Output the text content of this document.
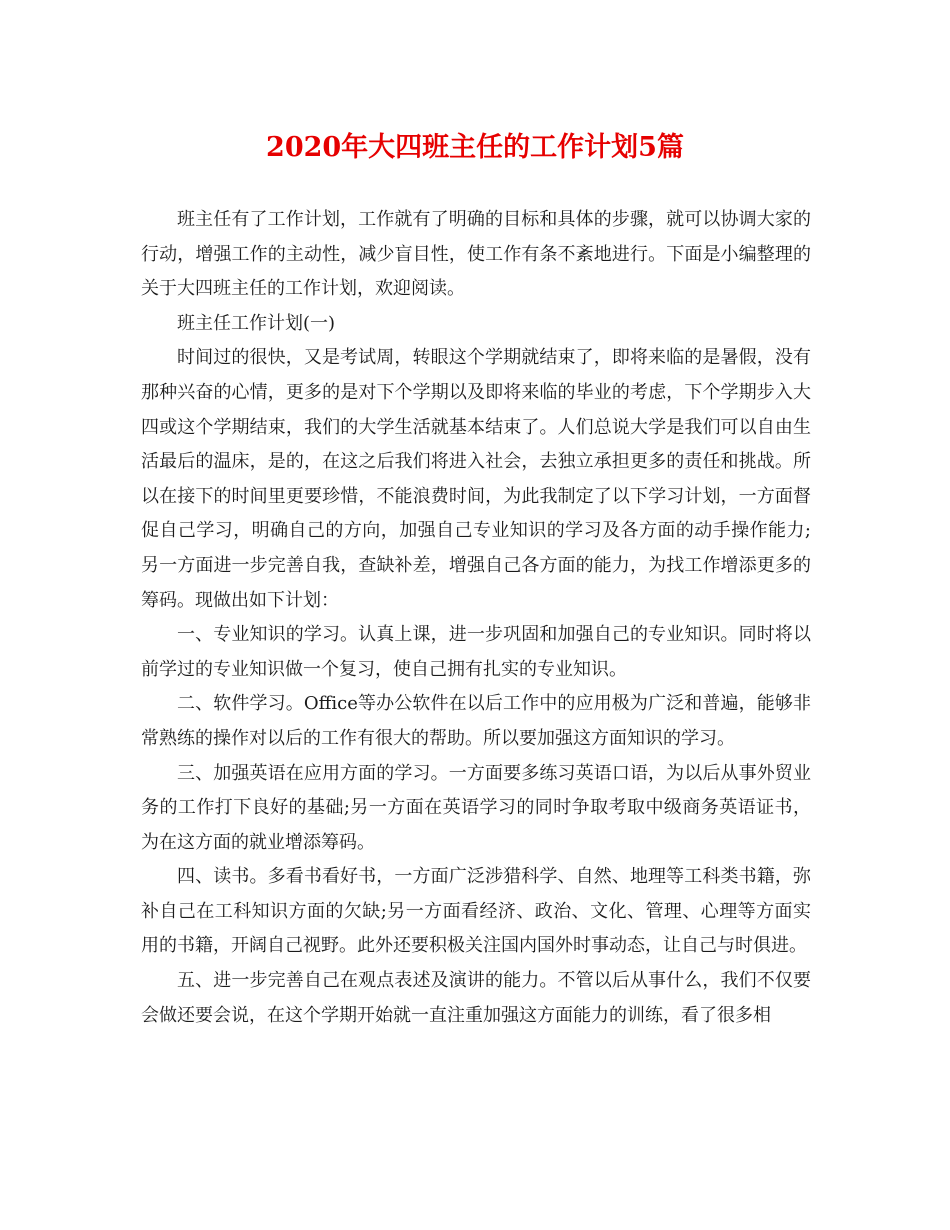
2020年大四班主任的工作计划5篇

班主任有了工作计划，工作就有了明确的目标和具体的步骤，就可以协调大家的行动，增强工作的主动性，减少盲目性，使工作有条不紊地进行。下面是小编整理的关于大四班主任的工作计划，欢迎阅读。

班主任工作计划(一)

时间过的很快，又是考试周，转眼这个学期就结束了，即将来临的是暑假，没有那种兴奋的心情，更多的是对下个学期以及即将来临的毕业的考虑，下个学期步入大四或这个学期结束，我们的大学生活就基本结束了。人们总说大学是我们可以自由生活最后的温床，是的，在这之后我们将进入社会，去独立承担更多的责任和挑战。所以在接下的时间里更要珍惜，不能浪费时间，为此我制定了以下学习计划，一方面督促自己学习，明确自己的方向，加强自己专业知识的学习及各方面的动手操作能力;另一方面进一步完善自我，查缺补差，增强自己各方面的能力，为找工作增添更多的筹码。现做出如下计划：

一、专业知识的学习。认真上课，进一步巩固和加强自己的专业知识。同时将以前学过的专业知识做一个复习，使自己拥有扎实的专业知识。

二、软件学习。Office等办公软件在以后工作中的应用极为广泛和普遍，能够非常熟练的操作对以后的工作有很大的帮助。所以要加强这方面知识的学习。

三、加强英语在应用方面的学习。一方面要多练习英语口语，为以后从事外贸业务的工作打下良好的基础;另一方面在英语学习的同时争取考取中级商务英语证书，为在这方面的就业增添筹码。

四、读书。多看书看好书，一方面广泛涉猎科学、自然、地理等工科类书籍，弥补自己在工科知识方面的欠缺;另一方面看经济、政治、文化、管理、心理等方面实用的书籍，开阔自己视野。此外还要积极关注国内国外时事动态，让自己与时俱进。

五、进一步完善自己在观点表述及演讲的能力。不管以后从事什么，我们不仅要会做还要会说，在这个学期开始就一直注重加强这方面能力的训练，看了很多相
